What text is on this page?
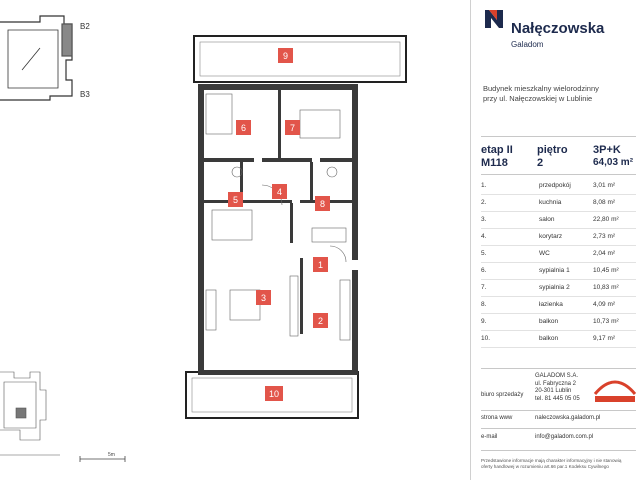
1
2
3
4
5
6	7
8
9
10
B2
B3
5m
Nałęczowska
Galadom
Budynek mieszkalny wielorodzinny
przy ul. Nałęczowskiej w Lublinie
etap II
M118
piętro
2
3P+K
64,03 m²
1.	przedpokój	3,01 m²
2.	kuchnia	8,08 m²
3.	salon	22,80 m²
4.	korytarz	2,73 m²
5.	WC	2,04 m²
6.	sypialnia 1	10,45 m²
7.	sypialnia 2	10,83 m²
8.	łazienka	4,09 m²
9.	balkon	10,73 m²
10.	balkon	9,17 m²
biuro sprzedaży
GALADOM S.A.
ul. Fabryczna 2
20-301 Lublin
tel. 81 445 05 05
strona www	naleczowska.galadom.pl
e-mail	info@galadom.com.pl
Przedstawione informacje mają charakter informacyjny i nie stanowią
oferty handlowej w rozumieniu art.66 par.1 Kodeksu Cywilnego
